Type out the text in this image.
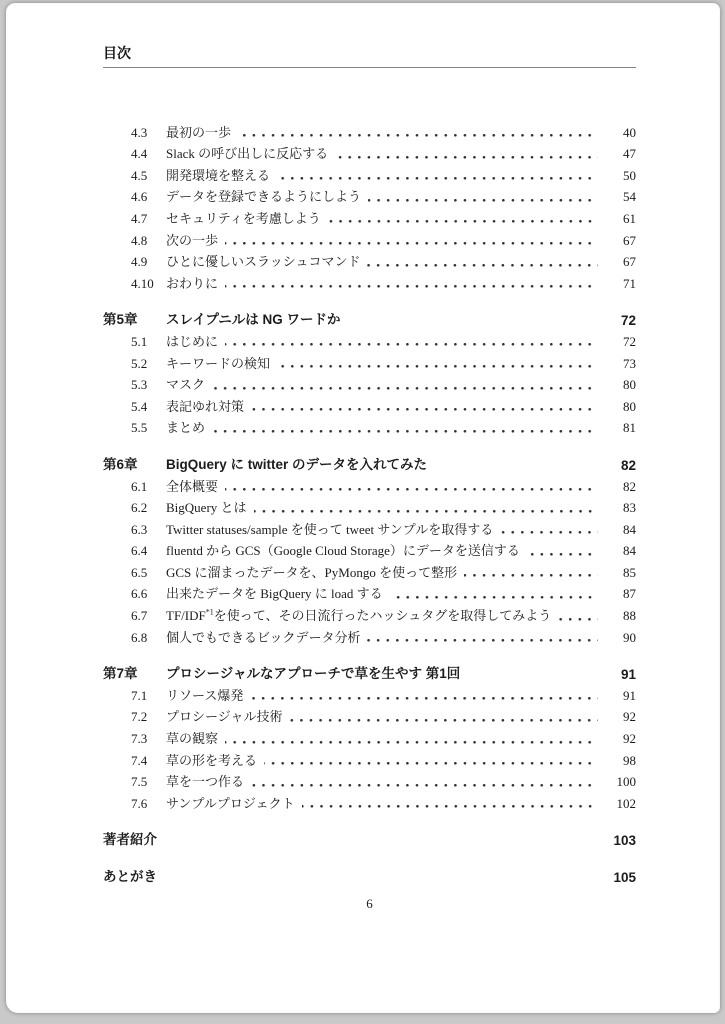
目次
4.3	最初の一歩	40
4.4	Slack の呼び出しに反応する	47
4.5	開発環境を整える	50
4.6	データを登録できるようにしよう	54
4.7	セキュリティを考慮しよう	61
4.8	次の一歩	67
4.9	ひとに優しいスラッシュコマンド	67
4.10 おわりに	71
第5章	スレイプニルは NG ワードか	72
5.1	はじめに	72
5.2	キーワードの検知	73
5.3	マスク	80
5.4	表記ゆれ対策	80
5.5	まとめ	81
第6章	BigQuery に twitter のデータを入れてみた	82
6.1	全体概要	82
6.2	BigQuery とは	83
6.3	Twitter statuses/sample を使って tweet サンプルを取得する	84
6.4	fluentd から GCS（Google Cloud Storage）にデータを送信する	84
6.5	GCS に溜まったデータを、PyMongo を使って整形	85
6.6	出来たデータを BigQuery に load する	87
6.7	TF/IDF$^{*1}$を使って、その日流行ったハッシュタグを取得してみよう	88
6.8	個人でもできるビックデータ分析	90
第7章	プロシージャルなアプローチで草を生やす 第1回	91
7.1	リソース爆発	91
7.2	プロシージャル技術	92
7.3	草の観察	92
7.4	草の形を考える	98
7.5	草を一つ作る	100
7.6	サンプルプロジェクト	102
著者紹介	103
あとがき	105
6
